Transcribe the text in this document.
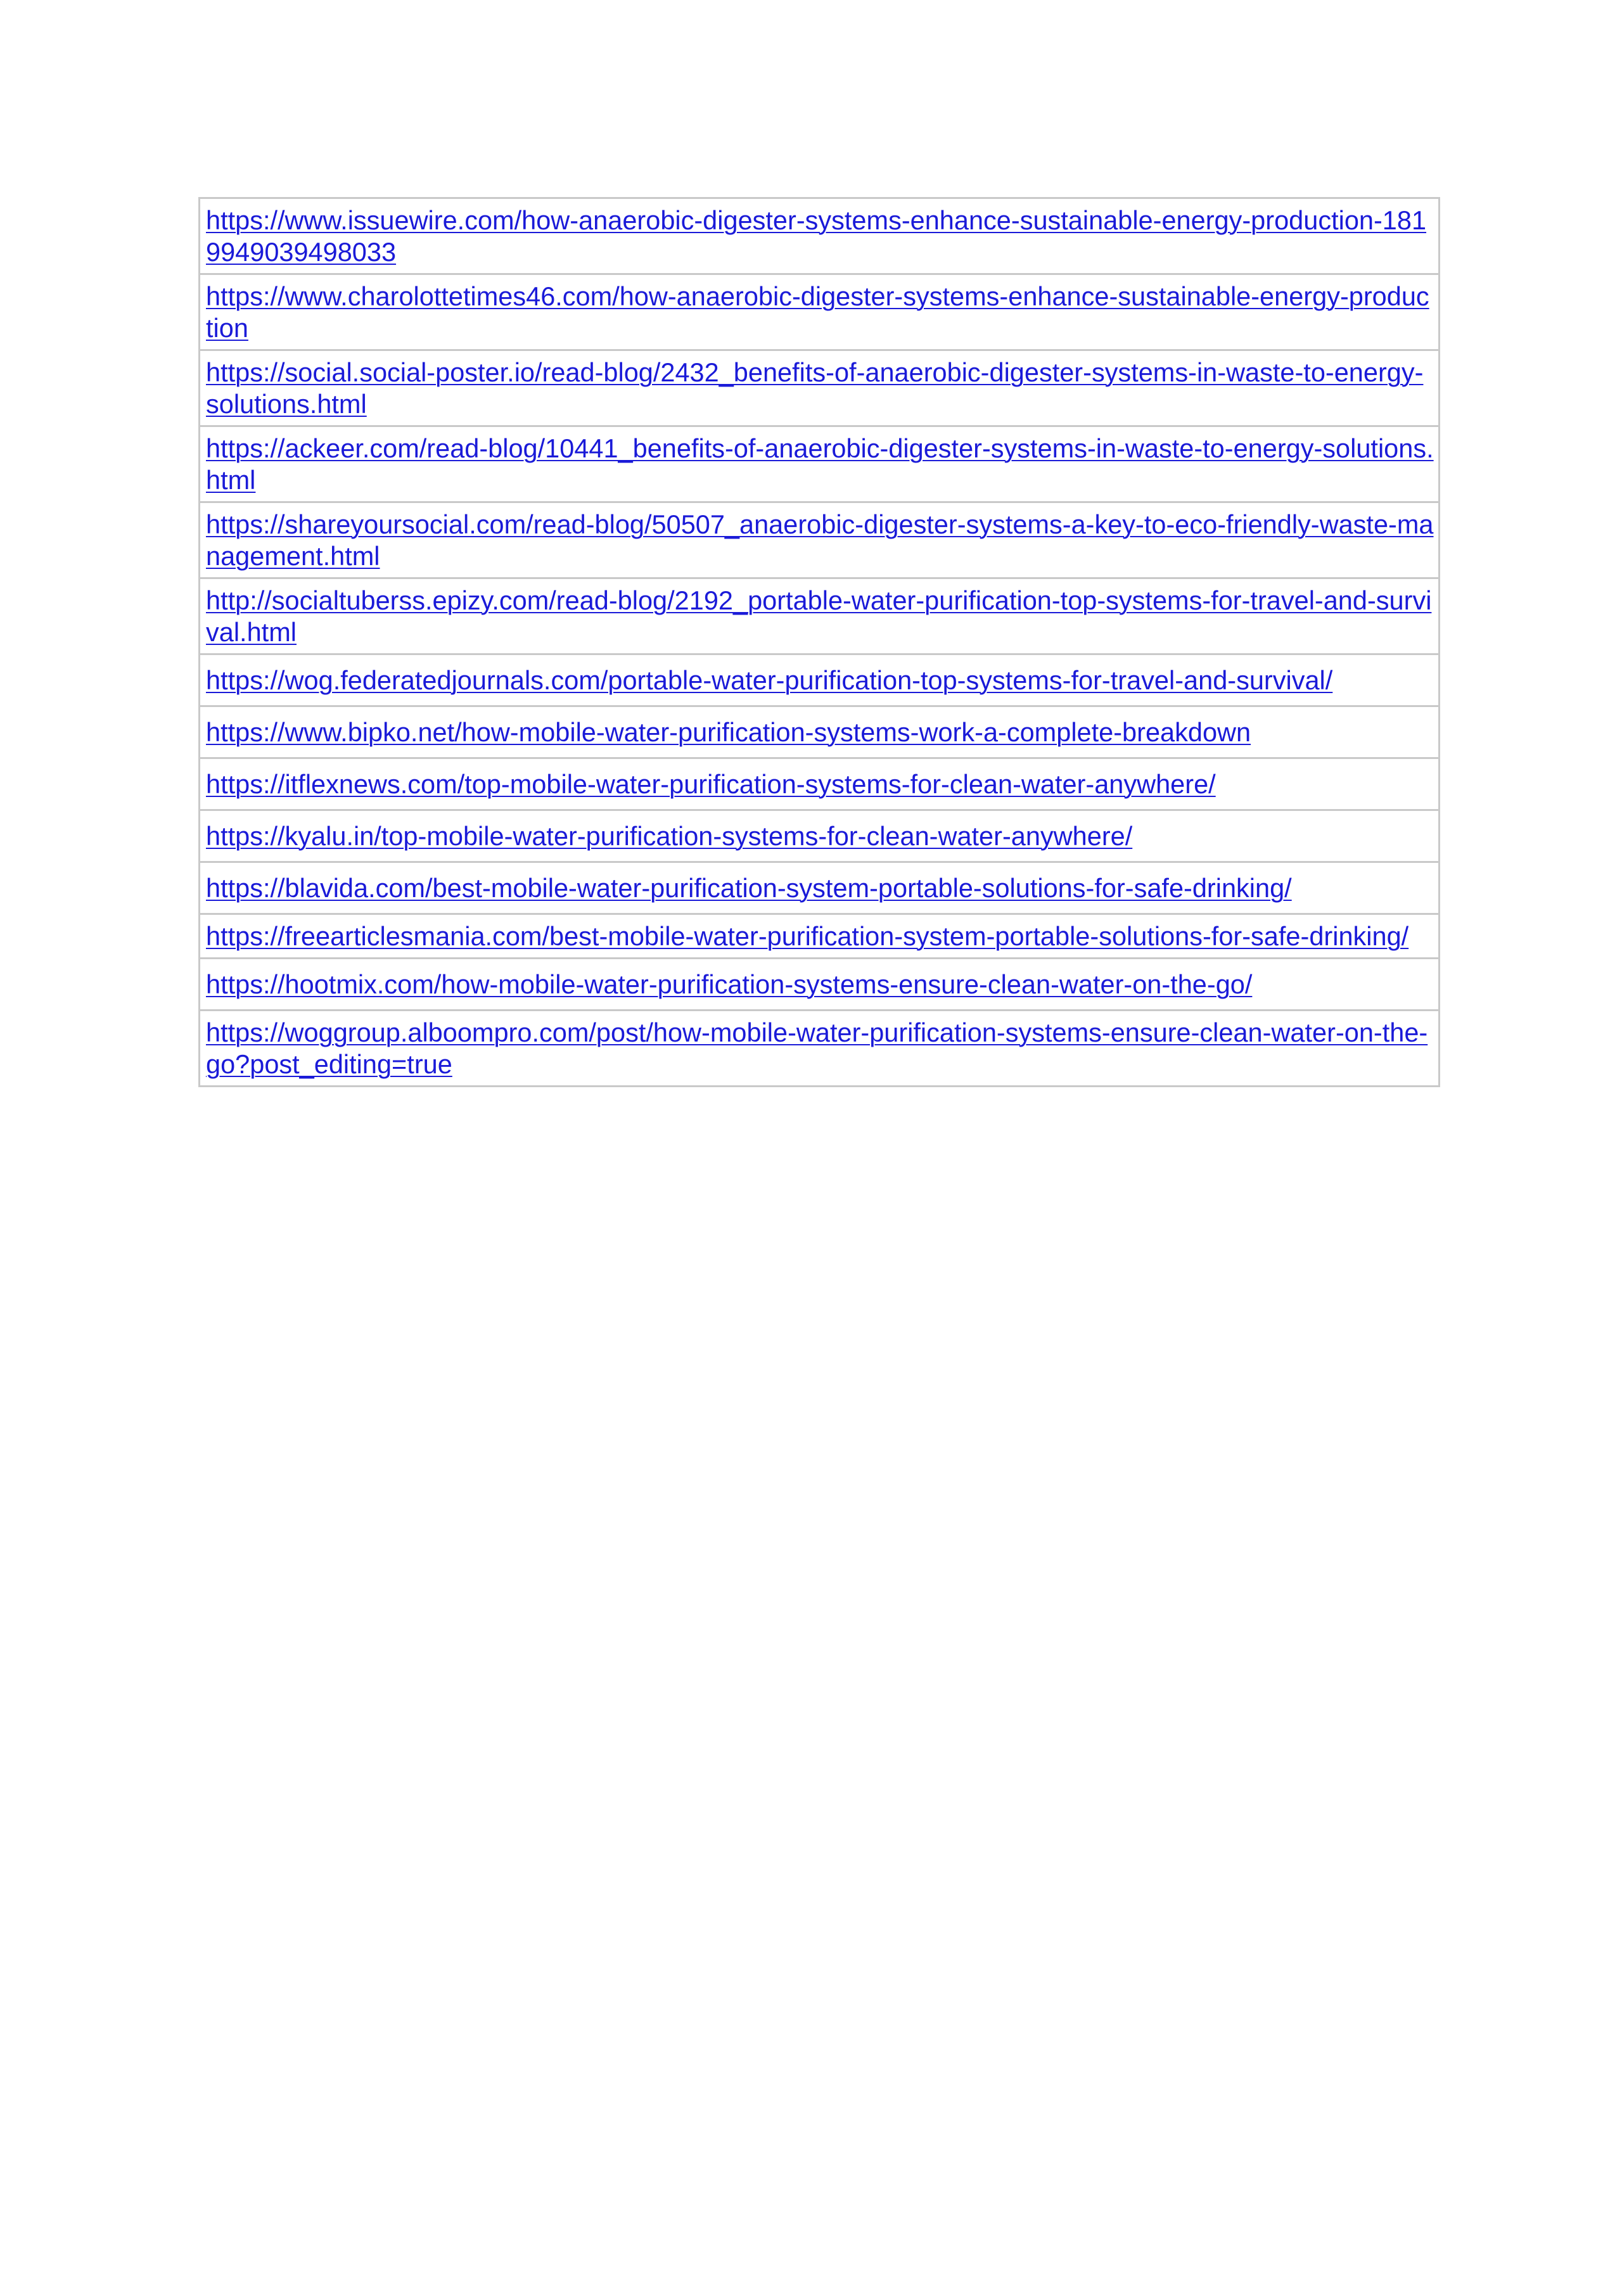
https://www.issuewire.com/how-anaerobic-digester-systems-enhance-sustainable-energy-production-1819949039498033
https://www.charolottetimes46.com/how-anaerobic-digester-systems-enhance-sustainable-energy-production
https://social.social-poster.io/read-blog/2432_benefits-of-anaerobic-digester-systems-in-waste-to-energy-solutions.html
https://ackeer.com/read-blog/10441_benefits-of-anaerobic-digester-systems-in-waste-to-energy-solutions.html
https://shareyoursocial.com/read-blog/50507_anaerobic-digester-systems-a-key-to-eco-friendly-waste-management.html
http://socialtuberss.epizy.com/read-blog/2192_portable-water-purification-top-systems-for-travel-and-survival.html
https://wog.federatedjournals.com/portable-water-purification-top-systems-for-travel-and-survival/
https://www.bipko.net/how-mobile-water-purification-systems-work-a-complete-breakdown
https://itflexnews.com/top-mobile-water-purification-systems-for-clean-water-anywhere/
https://kyalu.in/top-mobile-water-purification-systems-for-clean-water-anywhere/
https://blavida.com/best-mobile-water-purification-system-portable-solutions-for-safe-drinking/
https://freearticlesmania.com/best-mobile-water-purification-system-portable-solutions-for-safe-drinking/
https://hootmix.com/how-mobile-water-purification-systems-ensure-clean-water-on-the-go/
https://woggroup.alboompro.com/post/how-mobile-water-purification-systems-ensure-clean-water-on-the-go?post_editing=true
